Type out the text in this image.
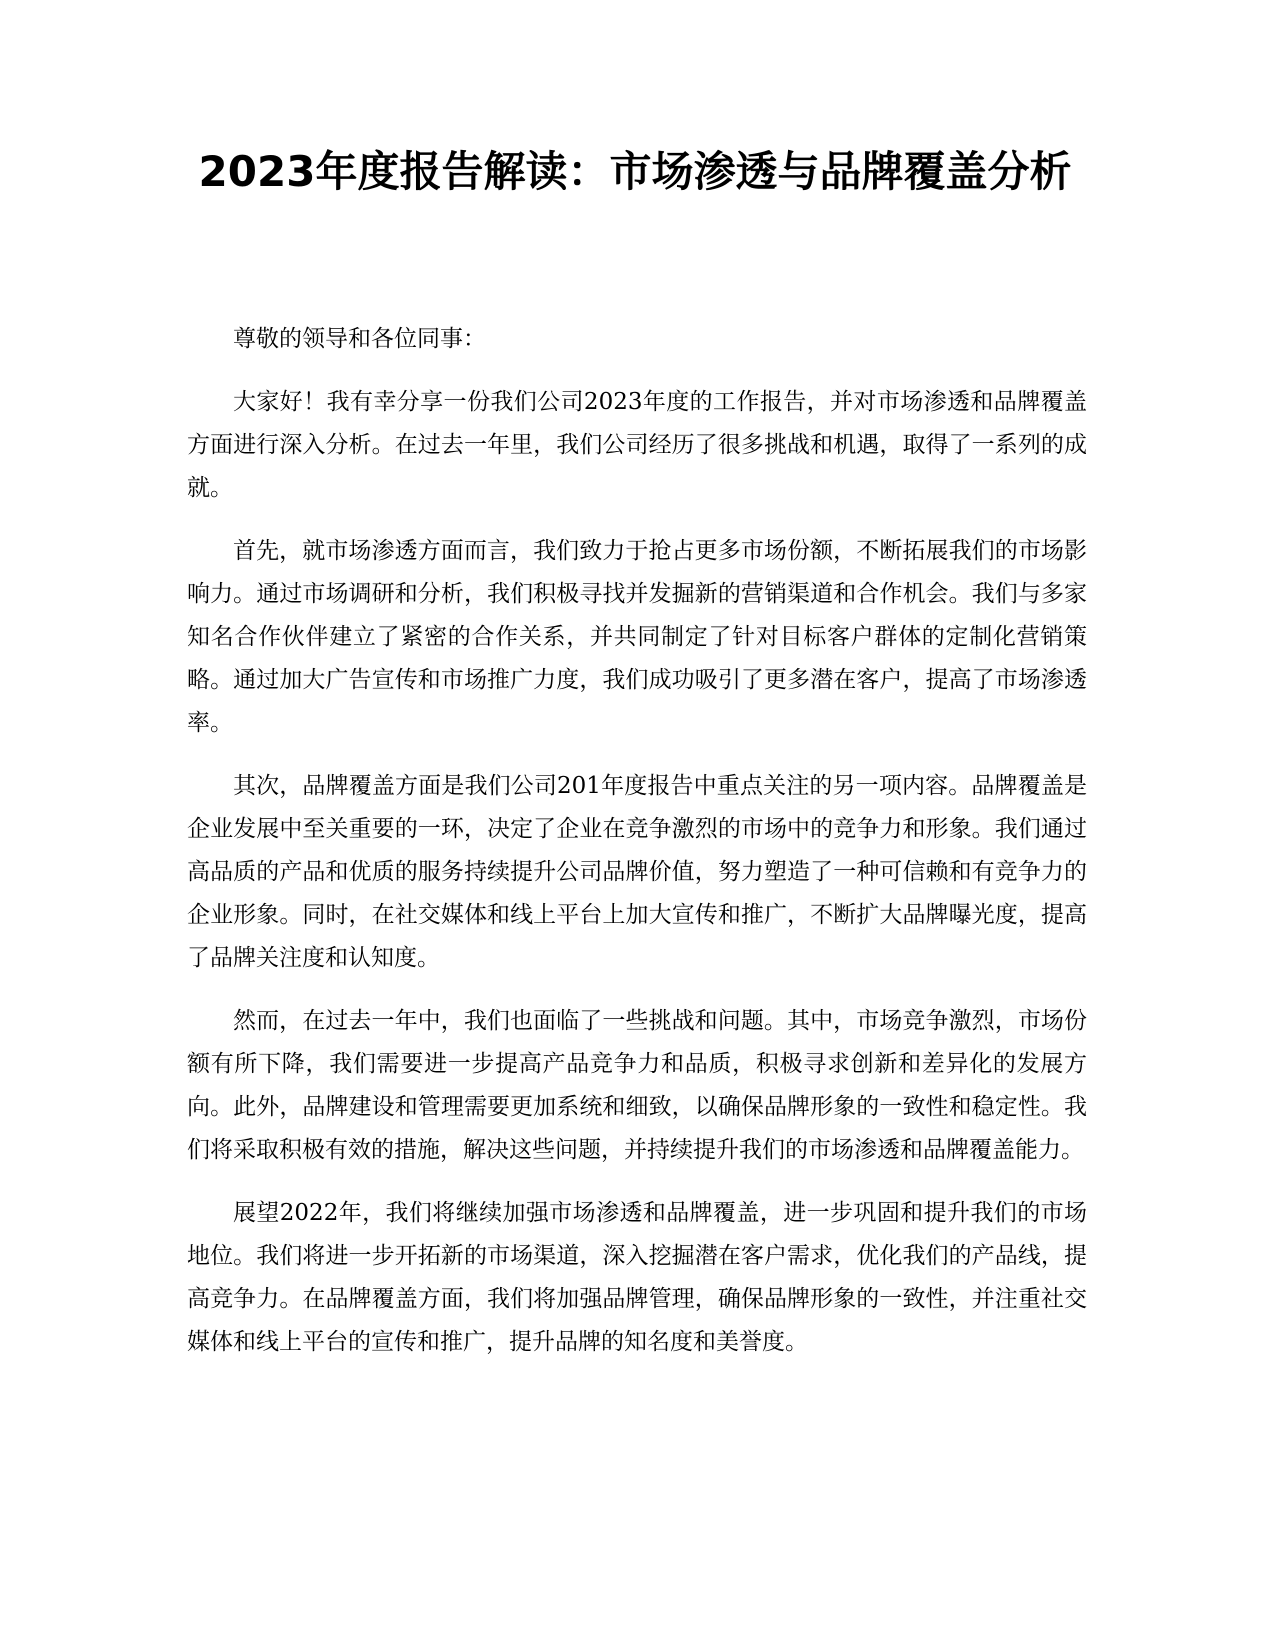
2023年度报告解读：市场渗透与品牌覆盖分析

尊敬的领导和各位同事：

大家好！我有幸分享一份我们公司2023年度的工作报告，并对市场渗透和品牌覆盖方面进行深入分析。在过去一年里，我们公司经历了很多挑战和机遇，取得了一系列的成就。

首先，就市场渗透方面而言，我们致力于抢占更多市场份额，不断拓展我们的市场影响力。通过市场调研和分析，我们积极寻找并发掘新的营销渠道和合作机会。我们与多家知名合作伙伴建立了紧密的合作关系，并共同制定了针对目标客户群体的定制化营销策略。通过加大广告宣传和市场推广力度，我们成功吸引了更多潜在客户，提高了市场渗透率。

其次，品牌覆盖方面是我们公司201年度报告中重点关注的另一项内容。品牌覆盖是企业发展中至关重要的一环，决定了企业在竞争激烈的市场中的竞争力和形象。我们通过高品质的产品和优质的服务持续提升公司品牌价值，努力塑造了一种可信赖和有竞争力的企业形象。同时，在社交媒体和线上平台上加大宣传和推广，不断扩大品牌曝光度，提高了品牌关注度和认知度。

然而，在过去一年中，我们也面临了一些挑战和问题。其中，市场竞争激烈，市场份额有所下降，我们需要进一步提高产品竞争力和品质，积极寻求创新和差异化的发展方向。此外，品牌建设和管理需要更加系统和细致，以确保品牌形象的一致性和稳定性。我们将采取积极有效的措施，解决这些问题，并持续提升我们的市场渗透和品牌覆盖能力。

展望2022年，我们将继续加强市场渗透和品牌覆盖，进一步巩固和提升我们的市场地位。我们将进一步开拓新的市场渠道，深入挖掘潜在客户需求，优化我们的产品线，提高竞争力。在品牌覆盖方面，我们将加强品牌管理，确保品牌形象的一致性，并注重社交媒体和线上平台的宣传和推广，提升品牌的知名度和美誉度。
